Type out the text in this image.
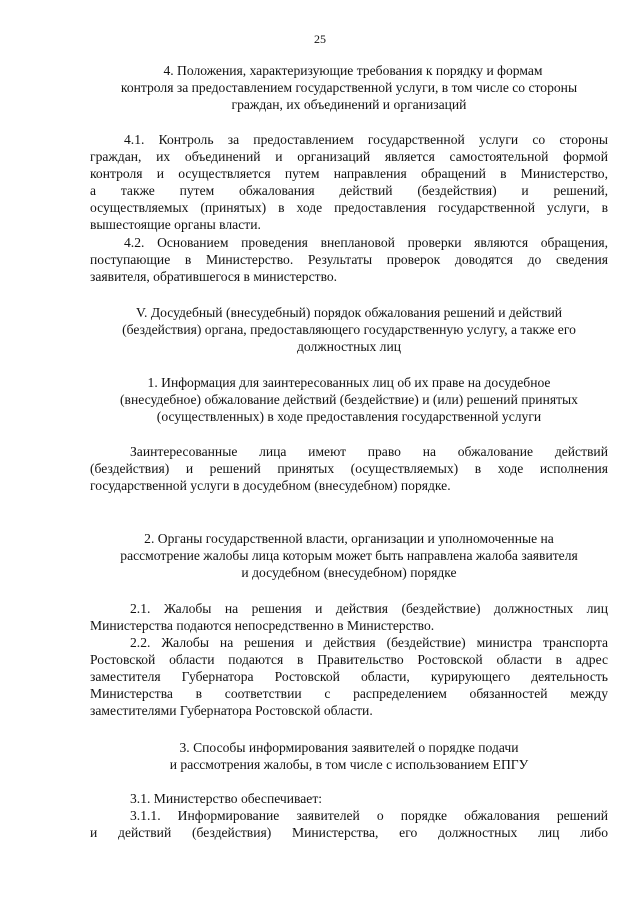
25
4. Положения, характеризующие требования к порядку и формам
контроля за предоставлением государственной услуги, в том числе со стороны
граждан, их объединений и организаций
4.1. Контроль за предоставлением государственной услуги со стороны
граждан, их объединений и организаций является самостоятельной формой
контроля и осуществляется путем направления обращений в Министерство,
а также путем обжалования действий (бездействия) и решений,
осуществляемых (принятых) в ходе предоставления государственной услуги, в
вышестоящие органы власти.
4.2. Основанием проведения внеплановой проверки являются обращения,
поступающие в Министерство. Результаты проверок доводятся до сведения
заявителя, обратившегося в министерство.
V. Досудебный (внесудебный) порядок обжалования решений и действий
(бездействия) органа, предоставляющего государственную услугу, а также его
должностных лиц
1. Информация для заинтересованных лиц об их праве на досудебное
(внесудебное) обжалование действий (бездействие) и (или) решений принятых
(осуществленных) в ходе предоставления государственной услуги
Заинтересованные лица имеют право на обжалование действий
(бездействия) и решений принятых (осуществляемых) в ходе исполнения
государственной услуги в досудебном (внесудебном) порядке.
2. Органы государственной власти, организации и уполномоченные на
рассмотрение жалобы лица которым может быть направлена жалоба заявителя
и досудебном (внесудебном) порядке
2.1. Жалобы на решения и действия (бездействие) должностных лиц
Министерства подаются непосредственно в Министерство.
2.2. Жалобы на решения и действия (бездействие) министра транспорта
Ростовской области подаются в Правительство Ростовской области в адрес
заместителя Губернатора Ростовской области, курирующего деятельность
Министерства в соответствии с распределением обязанностей между
заместителями Губернатора Ростовской области.
3. Способы информирования заявителей о порядке подачи
и рассмотрения жалобы, в том числе с использованием ЕПГУ
3.1. Министерство обеспечивает:
3.1.1. Информирование заявителей о порядке обжалования решений
и действий (бездействия) Министерства, его должностных лиц либо
